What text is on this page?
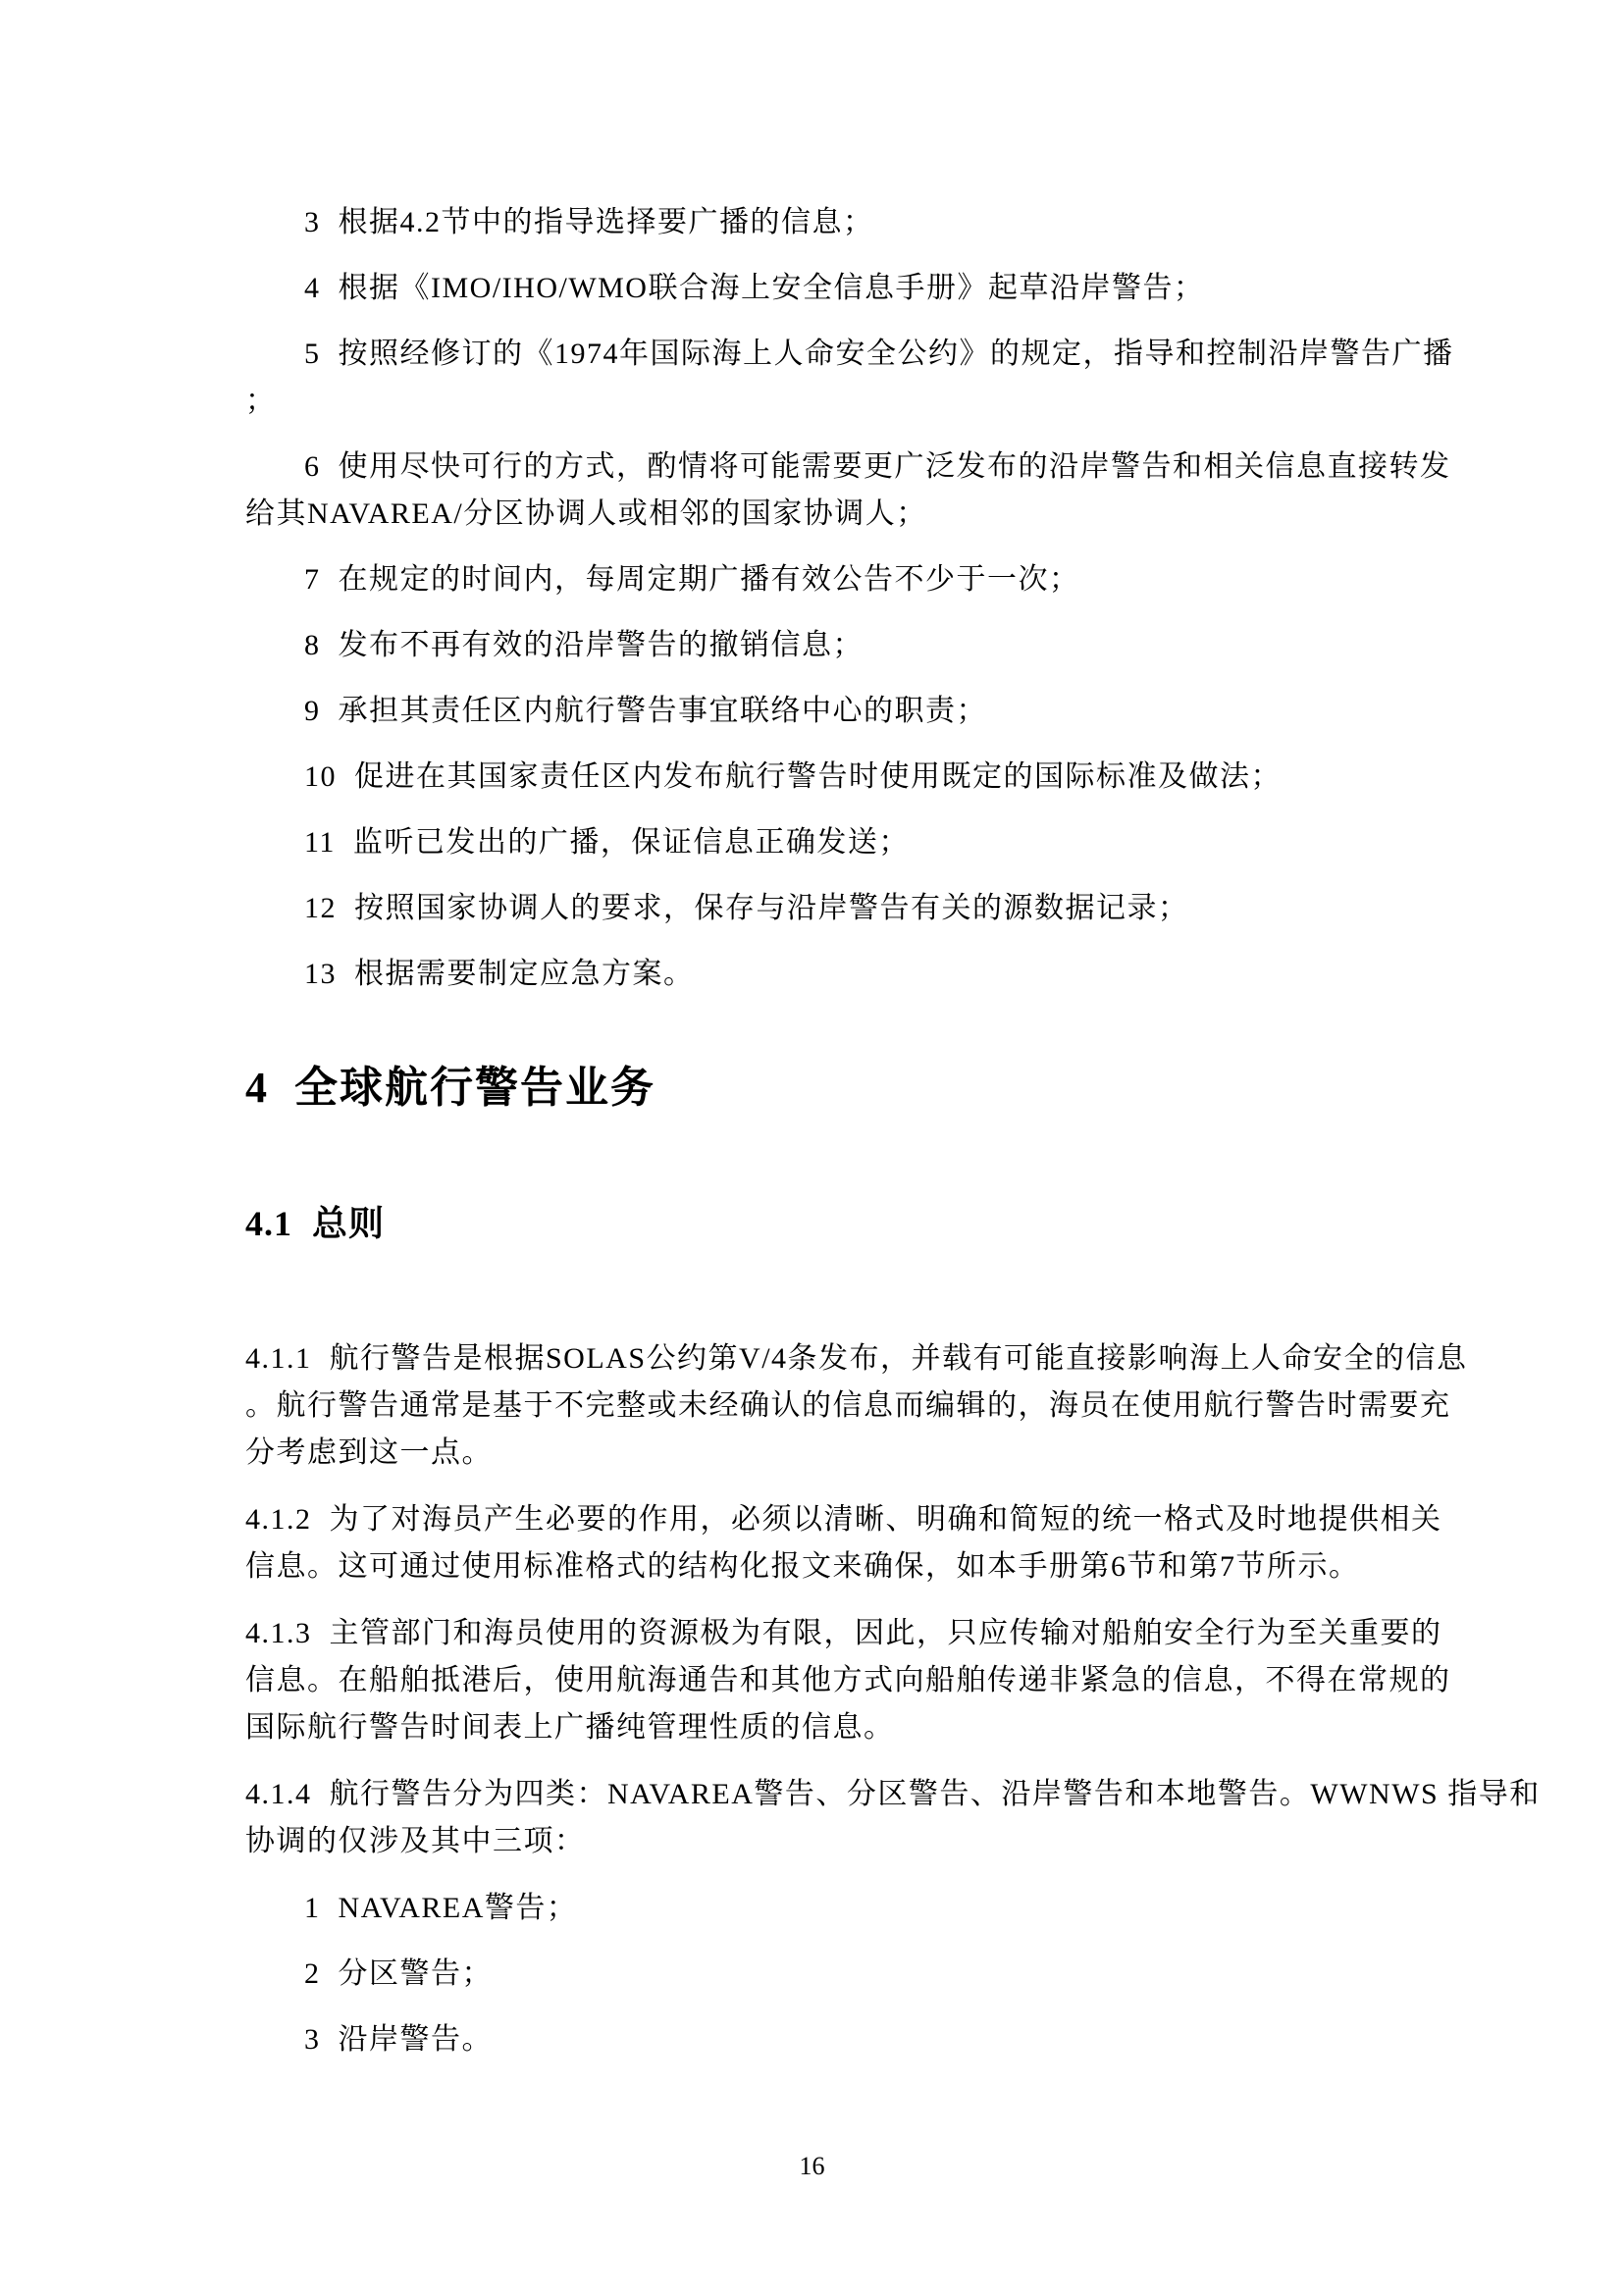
3  根据4.2节中的指导选择要广播的信息；
4  根据《IMO/IHO/WMO联合海上安全信息手册》起草沿岸警告；
5  按照经修订的《1974年国际海上人命安全公约》的规定，指导和控制沿岸警告广播
；
6  使用尽快可行的方式，酌情将可能需要更广泛发布的沿岸警告和相关信息直接转发
给其NAVAREA/分区协调人或相邻的国家协调人；
7  在规定的时间内，每周定期广播有效公告不少于一次；
8  发布不再有效的沿岸警告的撤销信息；
9  承担其责任区内航行警告事宜联络中心的职责；
10  促进在其国家责任区内发布航行警告时使用既定的国际标准及做法；
11  监听已发出的广播，保证信息正确发送；
12  按照国家协调人的要求，保存与沿岸警告有关的源数据记录；
13  根据需要制定应急方案。
4  全球航行警告业务
4.1  总则
4.1.1  航行警告是根据SOLAS公约第V/4条发布，并载有可能直接影响海上人命安全的信息
。航行警告通常是基于不完整或未经确认的信息而编辑的，海员在使用航行警告时需要充
分考虑到这一点。
4.1.2  为了对海员产生必要的作用，必须以清晰、明确和简短的统一格式及时地提供相关
信息。这可通过使用标准格式的结构化报文来确保，如本手册第6节和第7节所示。
4.1.3  主管部门和海员使用的资源极为有限，因此，只应传输对船舶安全行为至关重要的
信息。在船舶抵港后，使用航海通告和其他方式向船舶传递非紧急的信息，不得在常规的
国际航行警告时间表上广播纯管理性质的信息。
4.1.4  航行警告分为四类：NAVAREA警告、分区警告、沿岸警告和本地警告。WWNWS 指导和
协调的仅涉及其中三项：
1  NAVAREA警告；
2  分区警告；
3  沿岸警告。
16
